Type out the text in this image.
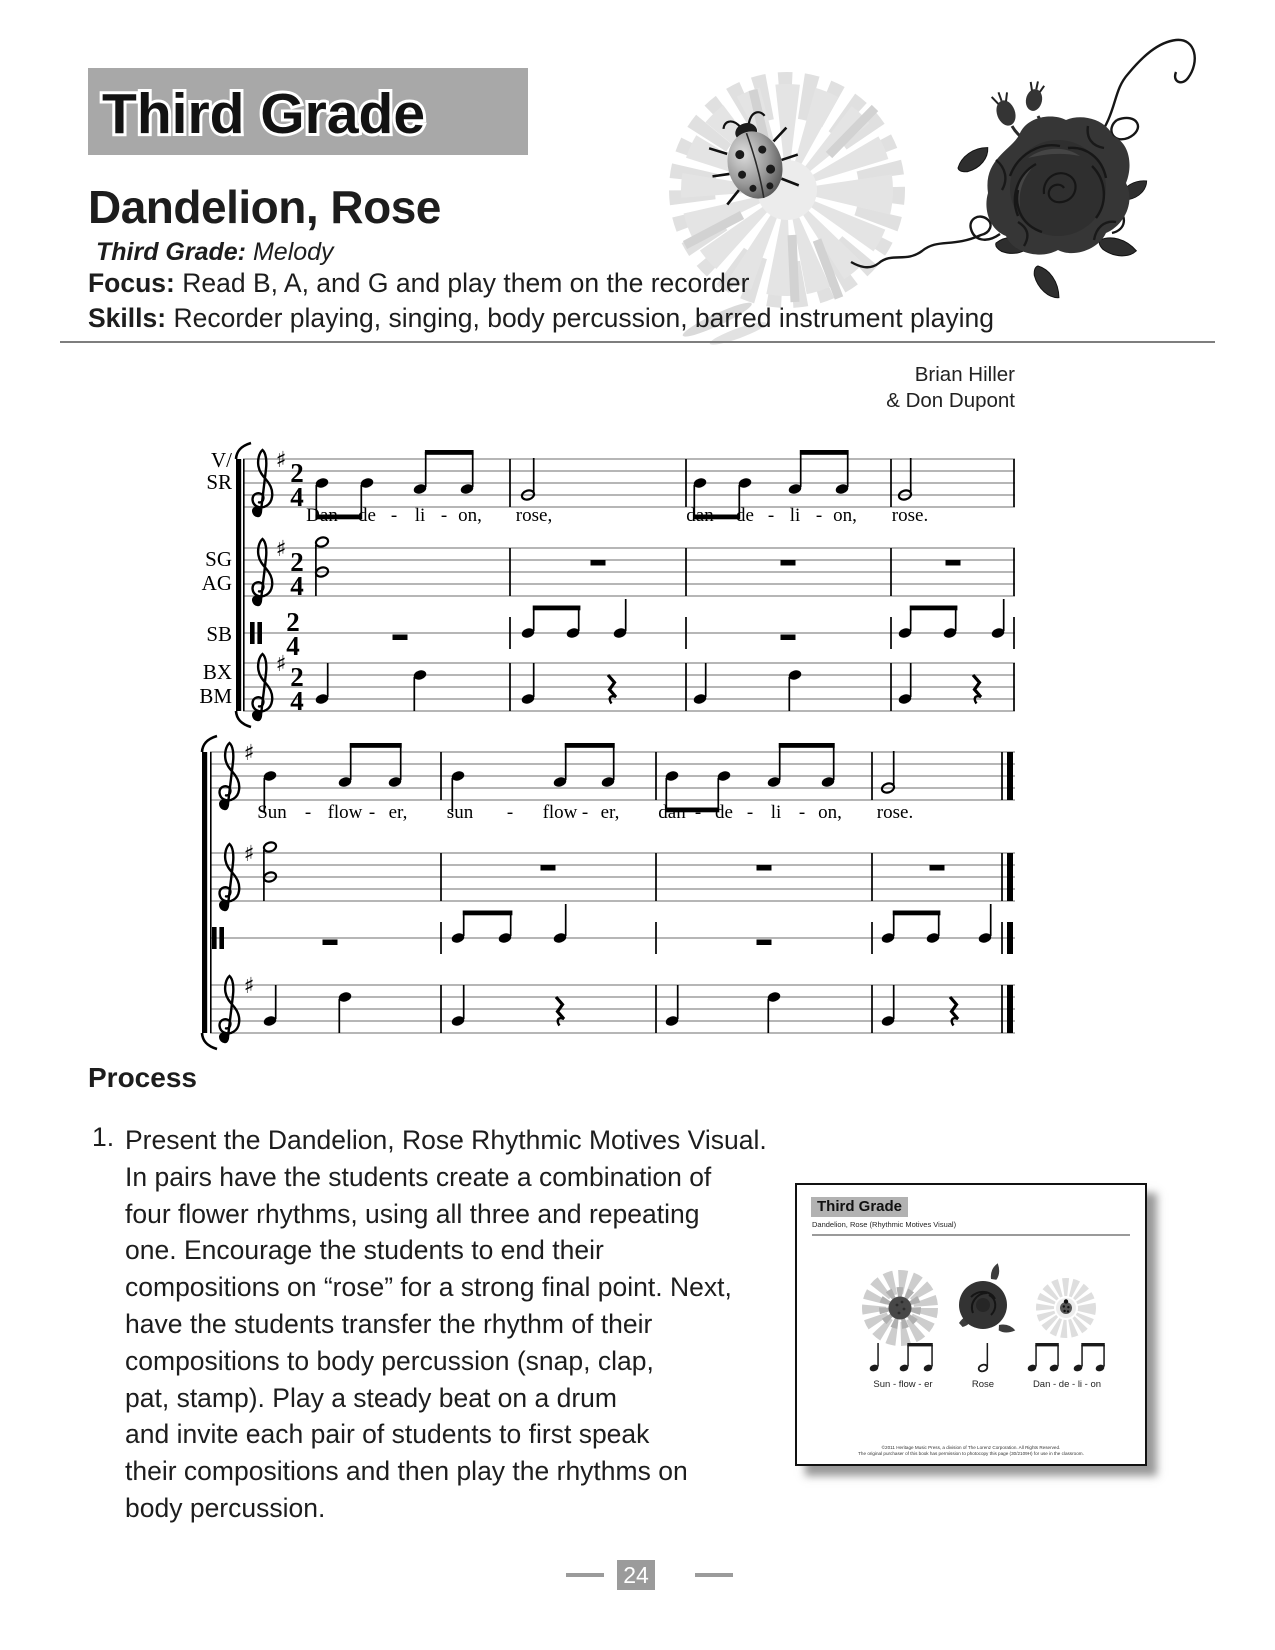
Third Grade
Dandelion, Rose
Third Grade: Melody
Focus: Read B, A, and G and play them on the recorder
Skills: Recorder playing, singing, body percussion, barred instrument playing
Brian Hiller
& Don Dupont
V/
SR
SG
AG
SB
BX
BM
♯
♯
♯
2
4
2
4
2
4
2
4
Dan - de - li - on, rose,	dan - de - li - on, rose.
♯
♯
♯
Sun - flow - er, sun - flow - er, dan - de - li - on, rose.
Process
1. Present the Dandelion, Rose Rhythmic Motives Visual.
In pairs have the students create a combination of
four flower rhythms, using all three and repeating
one. Encourage the students to end their
compositions on “rose” for a strong final point. Next,
have the students transfer the rhythm of their
compositions to body percussion (snap, clap,
pat, stamp). Play a steady beat on a drum
and invite each pair of students to first speak
their compositions and then play the rhythms on
body percussion.
Third Grade
Dandelion, Rose (Rhythmic Motives Visual)
Sun - flow - er	Rose	Dan - de - li - on
©2011 Heritage Music Press, a division of The Lorenz Corporation. All Rights Reserved.
The original purchaser of this book has permission to photocopy this page (30/2109H) for use in the classroom.
24
